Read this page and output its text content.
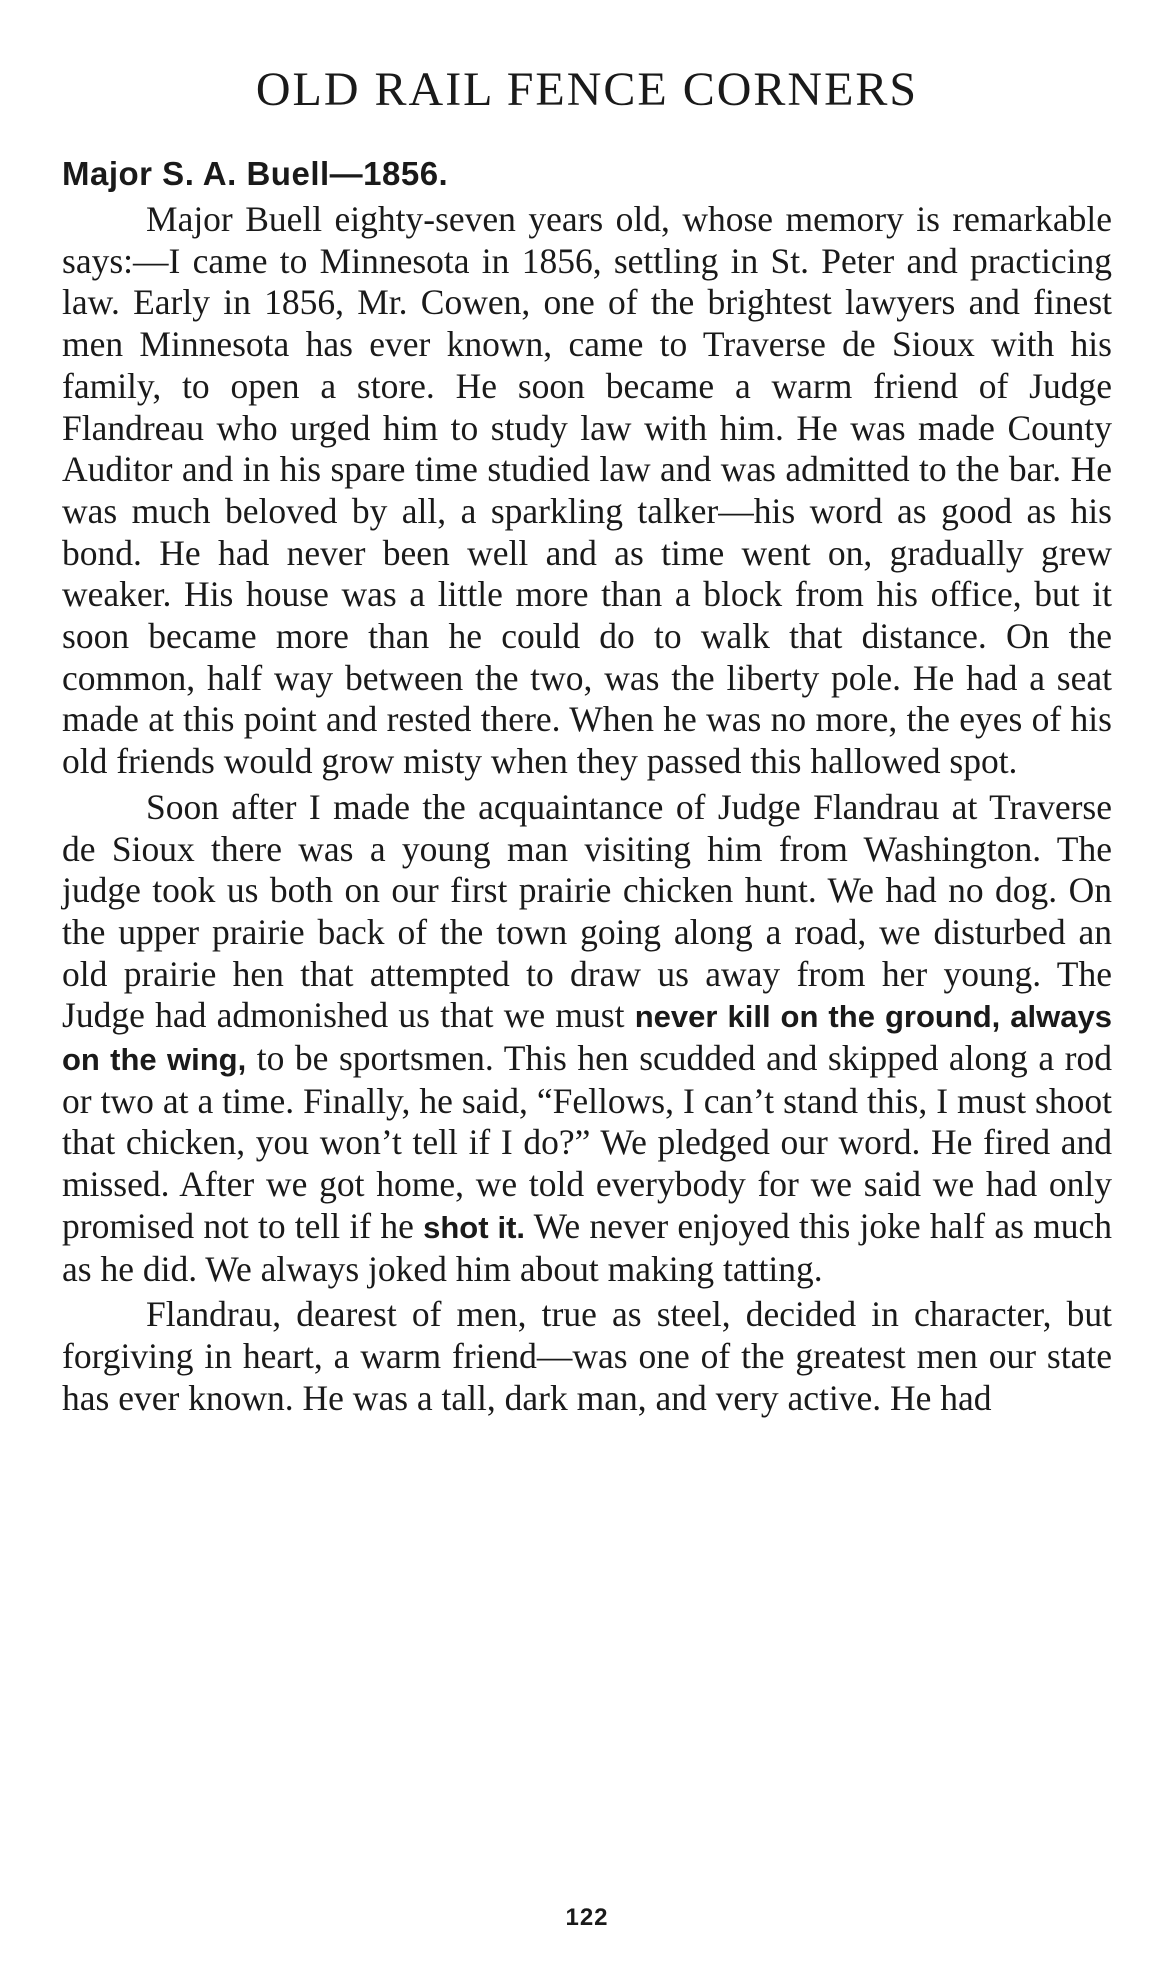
OLD RAIL FENCE CORNERS
Major S. A. Buell—1856.

Major Buell eighty-seven years old, whose memory is remarkable says:—I came to Minnesota in 1856, settling in St. Peter and practicing law. Early in 1856, Mr. Cowen, one of the brightest lawyers and finest men Minnesota has ever known, came to Traverse de Sioux with his family, to open a store. He soon became a warm friend of Judge Flandreau who urged him to study law with him. He was made County Auditor and in his spare time studied law and was admitted to the bar. He was much beloved by all, a sparkling talker—his word as good as his bond. He had never been well and as time went on, gradually grew weaker. His house was a little more than a block from his office, but it soon became more than he could do to walk that distance. On the common, half way between the two, was the liberty pole. He had a seat made at this point and rested there. When he was no more, the eyes of his old friends would grow misty when they passed this hallowed spot.

Soon after I made the acquaintance of Judge Flandrau at Traverse de Sioux there was a young man visiting him from Washington. The judge took us both on our first prairie chicken hunt. We had no dog. On the upper prairie back of the town going along a road, we disturbed an old prairie hen that attempted to draw us away from her young. The Judge had admonished us that we must never kill on the ground, always on the wing, to be sportsmen. This hen scudded and skipped along a rod or two at a time. Finally, he said, “Fellows, I can’t stand this, I must shoot that chicken, you won’t tell if I do?” We pledged our word. He fired and missed. After we got home, we told everybody for we said we had only promised not to tell if he shot it. We never enjoyed this joke half as much as he did. We always joked him about making tatting.

Flandrau, dearest of men, true as steel, decided in character, but forgiving in heart, a warm friend—was one of the greatest men our state has ever known. He was a tall, dark man, and very active. He had

122
